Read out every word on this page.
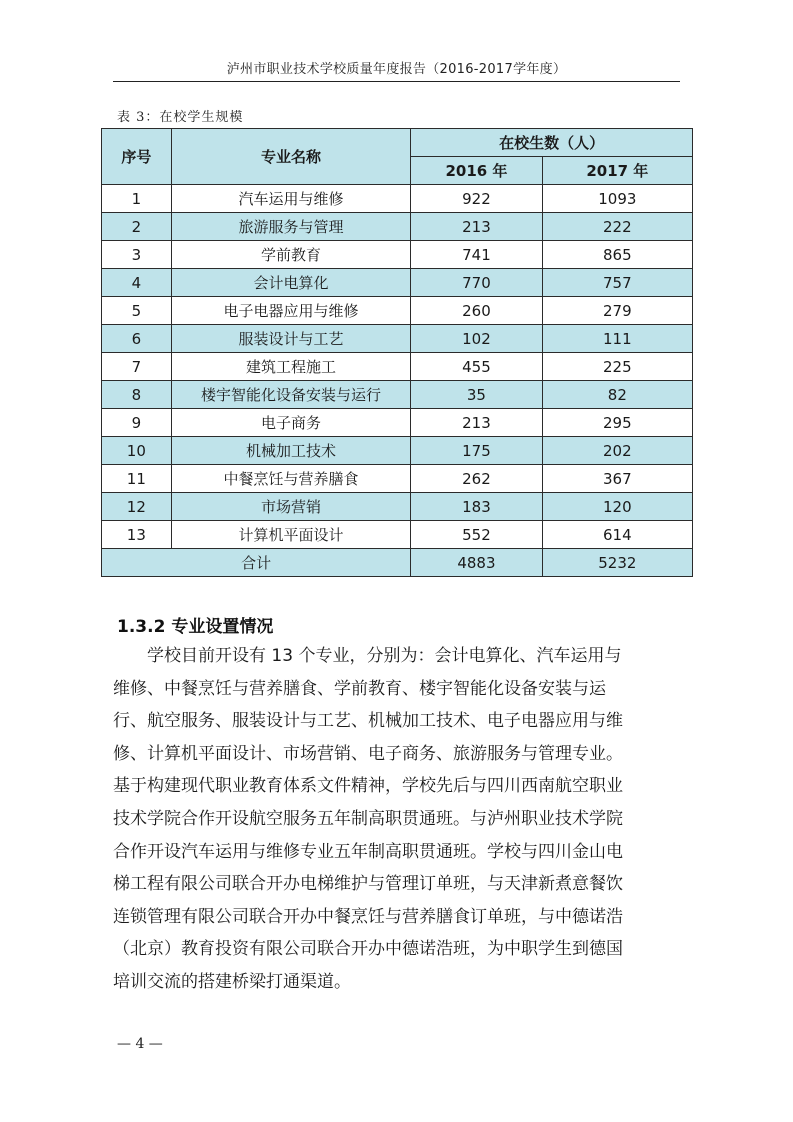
泸州市职业技术学校质量年度报告（2016-2017学年度）
表 3：在校学生规模
序号	专业名称	在校生数（人）	
		2016 年	2017 年
1	汽车运用与维修	922	1093
2	旅游服务与管理	213	222
3	学前教育	741	865
4	会计电算化	770	757
5	电子电器应用与维修	260	279
6	服装设计与工艺	102	111
7	建筑工程施工	455	225
8	楼宇智能化设备安装与运行	35	82
9	电子商务	213	295
10	机械加工技术	175	202
11	中餐烹饪与营养膳食	262	367
12	市场营销	183	120
13	计算机平面设计	552	614
合计		4883	5232
1.3.2 专业设置情况
学校目前开设有 13 个专业，分别为：会计电算化、汽车运用与
维修、中餐烹饪与营养膳食、学前教育、楼宇智能化设备安装与运
行、航空服务、服装设计与工艺、机械加工技术、电子电器应用与维
修、计算机平面设计、市场营销、电子商务、旅游服务与管理专业。
基于构建现代职业教育体系文件精神，学校先后与四川西南航空职业
技术学院合作开设航空服务五年制高职贯通班。与泸州职业技术学院
合作开设汽车运用与维修专业五年制高职贯通班。学校与四川金山电
梯工程有限公司联合开办电梯维护与管理订单班，与天津新煮意餐饮
连锁管理有限公司联合开办中餐烹饪与营养膳食订单班，与中德诺浩
（北京）教育投资有限公司联合开办中德诺浩班，为中职学生到德国
培训交流的搭建桥梁打通渠道。
— 4 —
